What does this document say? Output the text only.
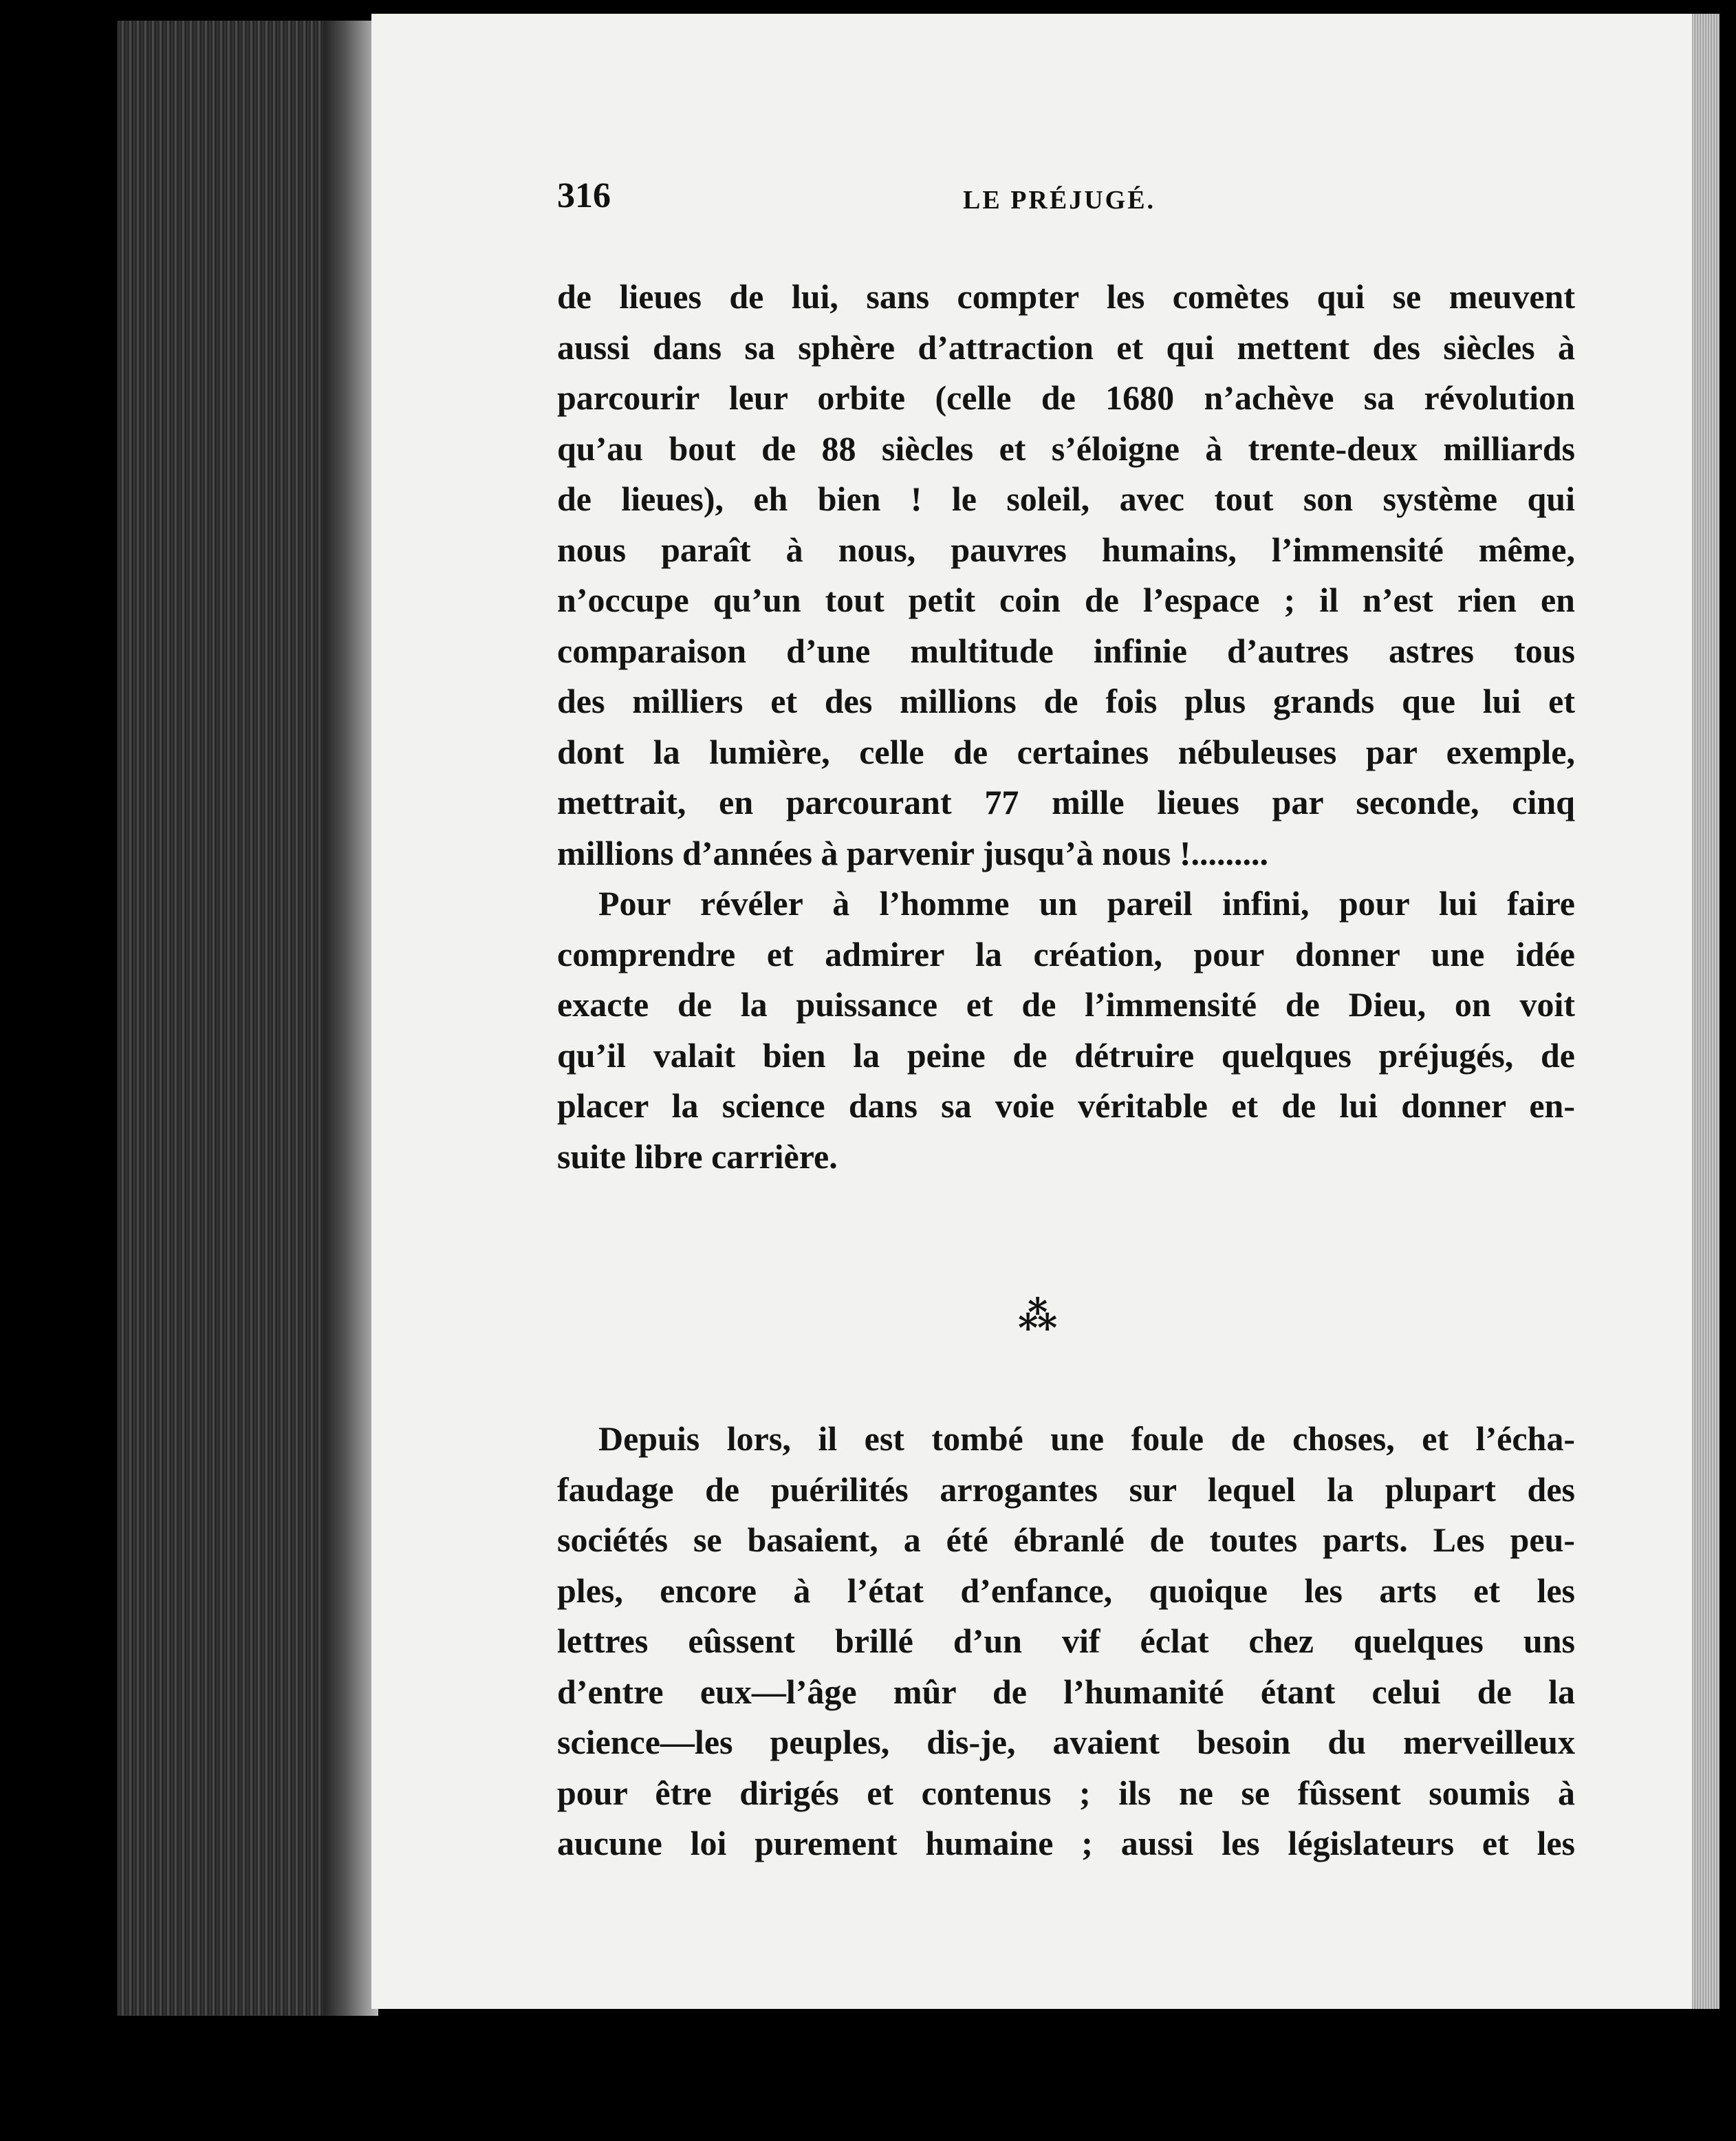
316	LE PRÉJUGÉ.
de lieues de lui, sans compter les comètes qui se meuvent
aussi dans sa sphère d’attraction et qui mettent des siècles à
parcourir leur orbite (celle de 1680 n’achève sa révolution
qu’au bout de 88 siècles et s’éloigne à trente-deux milliards
de lieues), eh bien ! le soleil, avec tout son système qui
nous paraît à nous, pauvres humains, l’immensité même,
n’occupe qu’un tout petit coin de l’espace ; il n’est rien en
comparaison d’une multitude infinie d’autres astres tous
des milliers et des millions de fois plus grands que lui et
dont la lumière, celle de certaines nébuleuses par exemple,
mettrait, en parcourant 77 mille lieues par seconde, cinq
millions d’années à parvenir jusqu’à nous !.........
Pour révéler à l’homme un pareil infini, pour lui faire
comprendre et admirer la création, pour donner une idée
exacte de la puissance et de l’immensité de Dieu, on voit
qu’il valait bien la peine de détruire quelques préjugés, de
placer la science dans sa voie véritable et de lui donner en-
suite libre carrière.
⁂
Depuis lors, il est tombé une foule de choses, et l’écha-
faudage de puérilités arrogantes sur lequel la plupart des
sociétés se basaient, a été ébranlé de toutes parts. Les peu-
ples, encore à l’état d’enfance, quoique les arts et les
lettres eûssent brillé d’un vif éclat chez quelques uns
d’entre eux—l’âge mûr de l’humanité étant celui de la
science—les peuples, dis-je, avaient besoin du merveilleux
pour être dirigés et contenus ; ils ne se fûssent soumis à
aucune loi purement humaine ; aussi les législateurs et les
